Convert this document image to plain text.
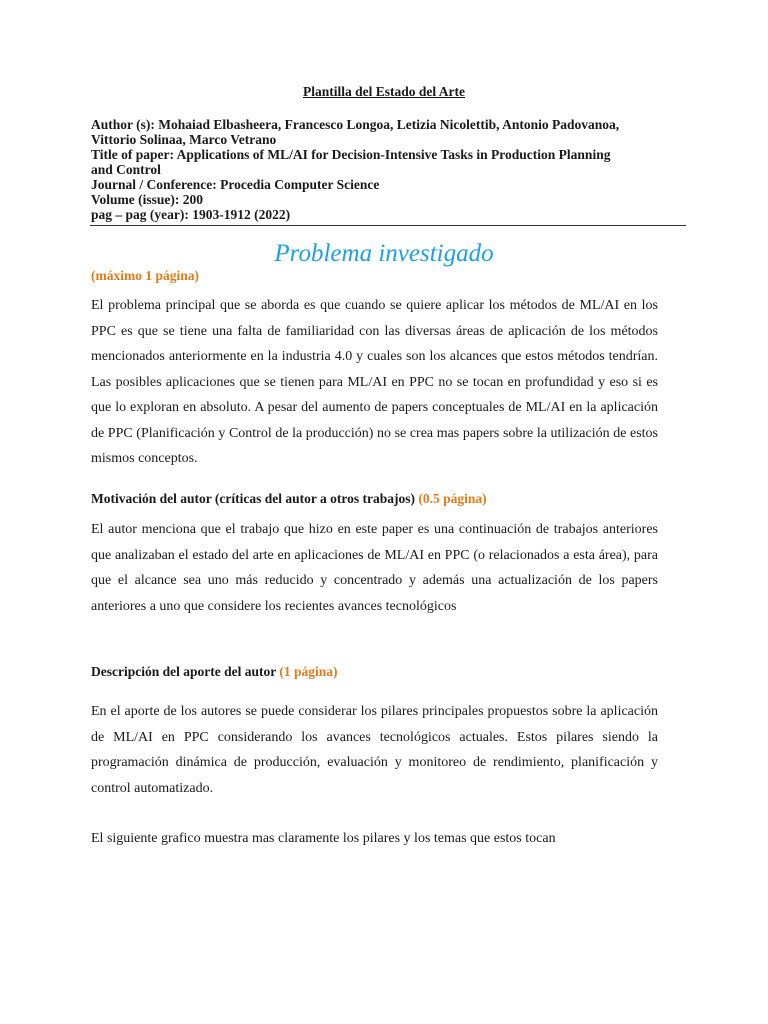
Plantilla del Estado del Arte
Author (s): Mohaiad Elbasheera, Francesco Longoa, Letizia Nicolettib, Antonio Padovanoa,
Vittorio Solinaa, Marco Vetrano
Title of paper: Applications of ML/AI for Decision-Intensive Tasks in Production Planning
and Control
Journal / Conference: Procedia Computer Science
Volume (issue): 200
pag – pag (year): 1903-1912 (2022)
Problema investigado
(máximo 1 página)
El problema principal que se aborda es que cuando se quiere aplicar los métodos de ML/AI en los PPC es que se tiene una falta de familiaridad con las diversas áreas de aplicación de los métodos mencionados anteriormente en la industria 4.0 y cuales son los alcances que estos métodos tendrían. Las posibles aplicaciones que se tienen para ML/AI en PPC no se tocan en profundidad y eso si es que lo exploran en absoluto. A pesar del aumento de papers conceptuales de ML/AI en la aplicación de PPC (Planificación y Control de la producción) no se crea mas papers sobre la utilización de estos mismos conceptos.
Motivación del autor (críticas del autor a otros trabajos) (0.5 página)
El autor menciona que el trabajo que hizo en este paper es una continuación de trabajos anteriores que analizaban el estado del arte en aplicaciones de ML/AI en PPC (o relacionados a esta área), para que el alcance sea uno más reducido y concentrado y además una actualización de los papers anteriores a uno que considere los recientes avances tecnológicos
Descripción del aporte del autor (1 página)
En el aporte de los autores se puede considerar los pilares principales propuestos sobre la aplicación de ML/AI en PPC considerando los avances tecnológicos actuales. Estos pilares siendo la programación dinámica de producción, evaluación y monitoreo de rendimiento, planificación y control automatizado.
El siguiente grafico muestra mas claramente los pilares y los temas que estos tocan
